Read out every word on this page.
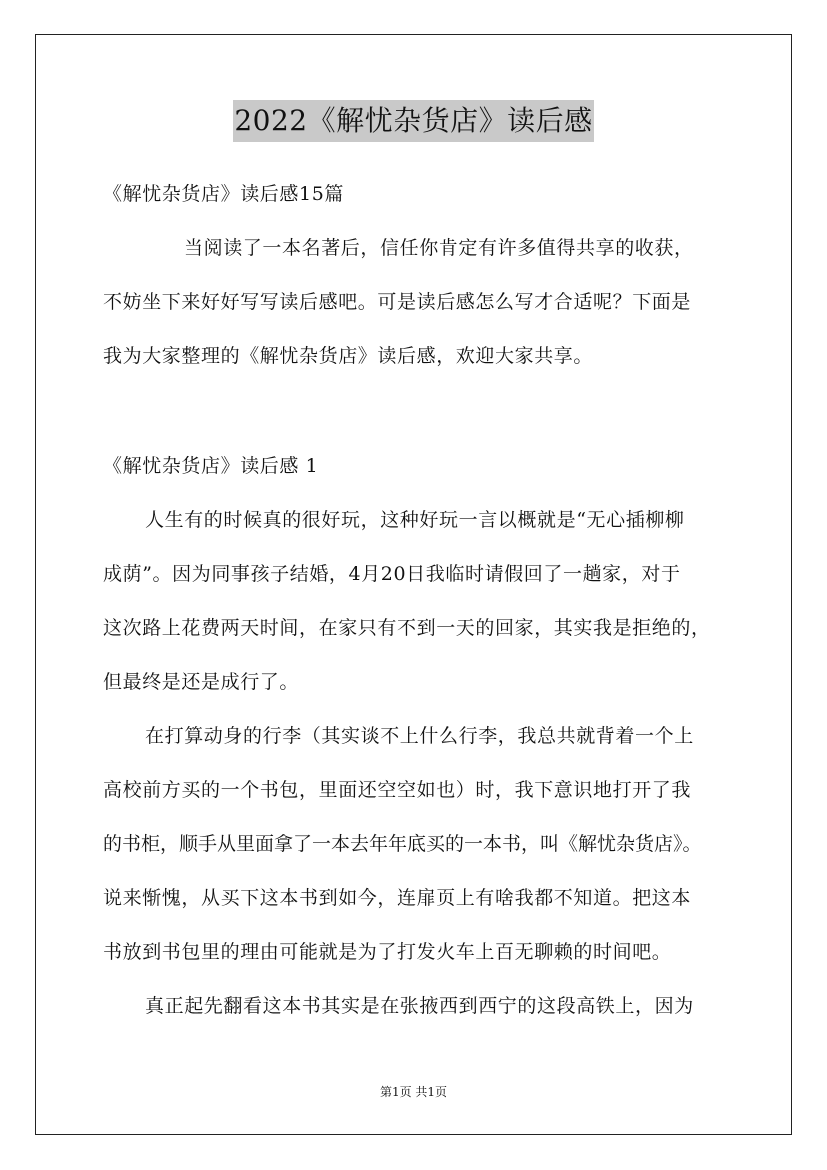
2022《解忧杂货店》读后感
《解忧杂货店》读后感15篇
当阅读了一本名著后，信任你肯定有许多值得共享的收获，
不妨坐下来好好写写读后感吧。可是读后感怎么写才合适呢？下面是
我为大家整理的《解忧杂货店》读后感，欢迎大家共享。
《解忧杂货店》读后感 1
人生有的时候真的很好玩，这种好玩一言以概就是“无心插柳柳
成荫”。因为同事孩子结婚，4月20日我临时请假回了一趟家，对于
这次路上花费两天时间，在家只有不到一天的回家，其实我是拒绝的，
但最终是还是成行了。
在打算动身的行李（其实谈不上什么行李，我总共就背着一个上
高校前方买的一个书包，里面还空空如也）时，我下意识地打开了我
的书柜，顺手从里面拿了一本去年年底买的一本书，叫《解忧杂货店》。
说来惭愧，从买下这本书到如今，连扉页上有啥我都不知道。把这本
书放到书包里的理由可能就是为了打发火车上百无聊赖的时间吧。
真正起先翻看这本书其实是在张掖西到西宁的这段高铁上，因为
第1页 共1页
